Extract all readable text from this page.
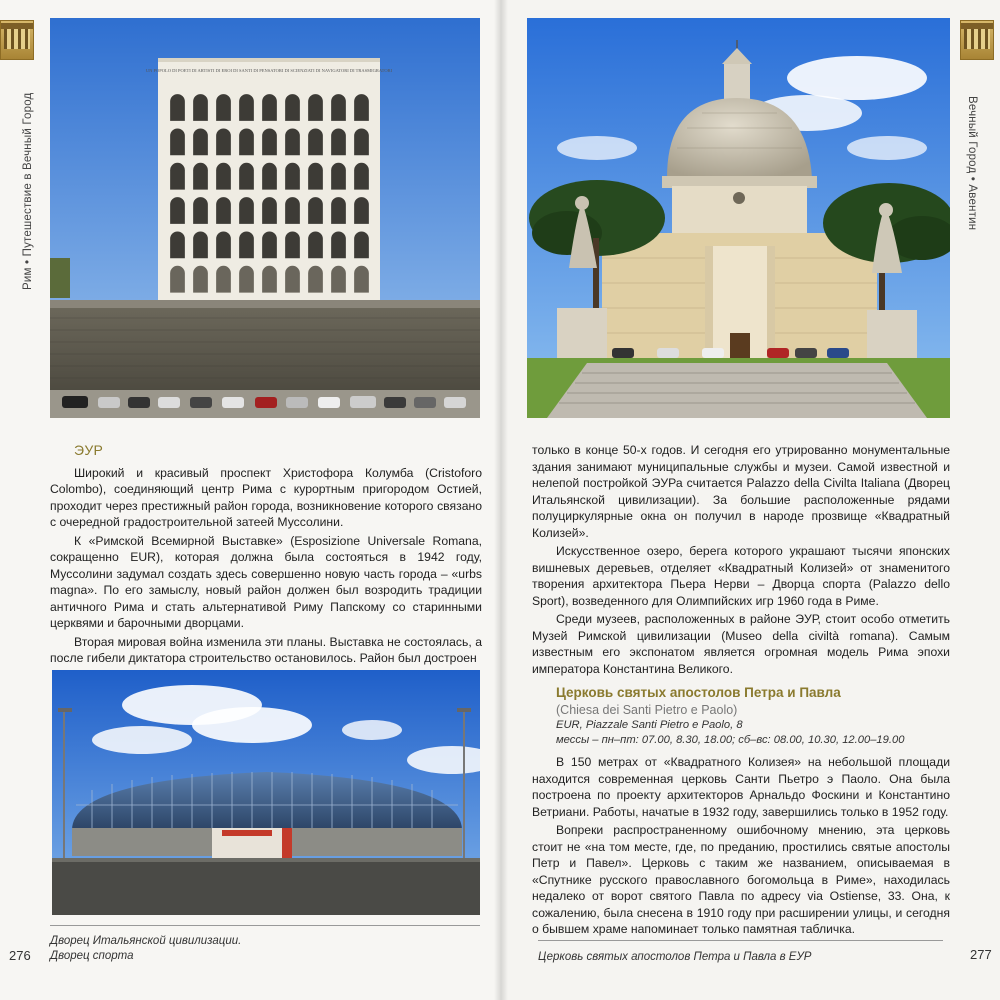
Рим • Путешествие в Вечный Город
UN POPOLO DI POETI DI ARTISTI DI EROI DI SANTI DI PENSATORI DI SCIENZIATI DI NAVIGATORI DI TRASMIGRATORI
ЭУР

Широкий и красивый проспект Христофора Колумба (Cristoforo Colombo), соединяющий центр Рима с курортным пригородом Остией, проходит через престижный район города, возникновение которого связано с очередной градостроительной затеей Муссолини.

К «Римской Всемирной Выставке» (Esposizione Universale Romana, сокращенно EUR), которая должна была состояться в 1942 году, Муссолини задумал создать здесь совершенно новую часть города – «urbs magna». По его замыслу, новый район должен был возродить традиции античного Рима и стать альтернативой Риму Папскому со старинными церквями и барочными дворцами.

Вторая мировая война изменила эти планы. Выставка не состоялась, а после гибели диктатора строительство остановилось. Район был достроен

Дворец Итальянской цивилизации.
Дворец спорта
276
Вечный Город • Авентин

только в конце 50-х годов. И сегодня его утрированно монументальные здания занимают муниципальные службы и музеи. Самой известной и нелепой постройкой ЭУРа считается Palazzo della Civilta Italiana (Дворец Итальянской цивилизации). За большие расположенные рядами полуциркулярные окна он получил в народе прозвище «Квадратный Колизей».

Искусственное озеро, берега которого украшают тысячи японских вишневых деревьев, отделяет «Квадратный Колизей» от знаменитого творения архитектора Пьера Нерви – Дворца спорта (Palazzo dello Sport), возведенного для Олимпийских игр 1960 года в Риме.

Среди музеев, расположенных в районе ЭУР, стоит особо отметить Музей Римской цивилизации (Museo della civiltà romana). Самым известным его экспонатом является огромная модель Рима эпохи императора Константина Великого.

Церковь святых апостолов Петра и Павла
(Chiesa dei Santi Pietro e Paolo)
EUR, Piazzale Santi Pietro e Paolo, 8
мессы – пн–пт: 07.00, 8.30, 18.00; сб–вс: 08.00, 10.30, 12.00–19.00

В 150 метрах от «Квадратного Колизея» на небольшой площади находится современная церковь Санти Пьетро э Паоло. Она была построена по проекту архитекторов Арнальдо Фоскини и Константино Ветриани. Работы, начатые в 1932 году, завершились только в 1952 году.

Вопреки распространенному ошибочному мнению, эта церковь стоит не «на том месте, где, по преданию, простились святые апостолы Петр и Павел». Церковь с таким же названием, описываемая в «Спутнике русского православного богомольца в Риме», находилась недалеко от ворот святого Павла по адресу via Ostiense, 33. Она, к сожалению, была снесена в 1910 году при расширении улицы, и сегодня о бывшем храме напоминает только памятная табличка.

Церковь святых апостолов Петра и Павла в ЕУР	277
